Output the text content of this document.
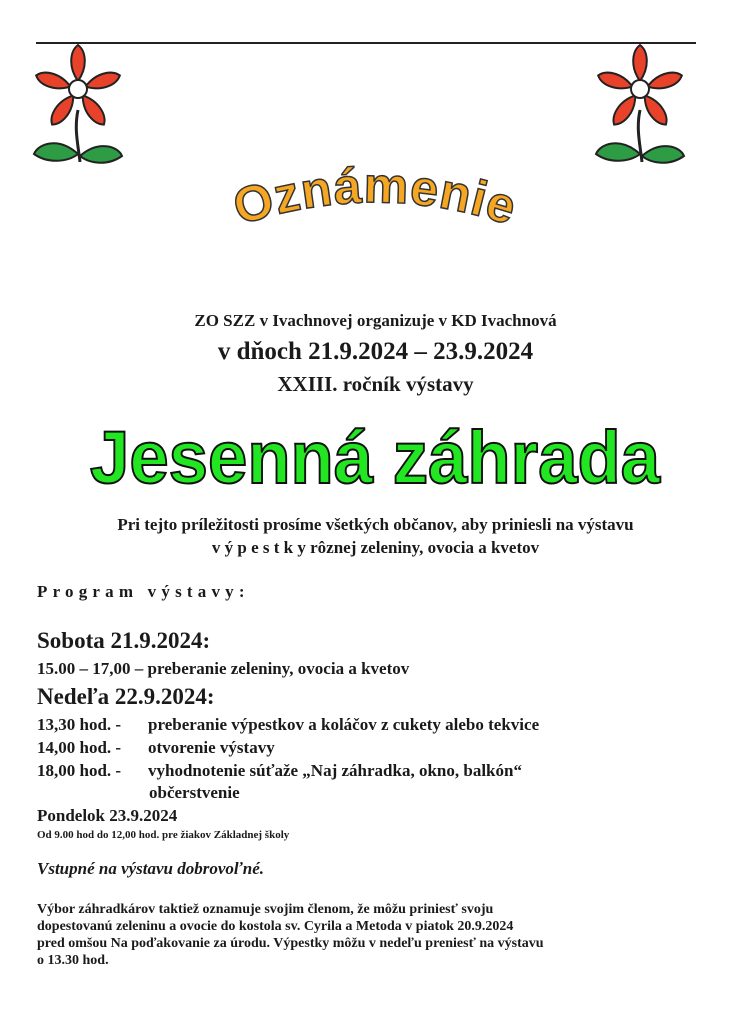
Oznámenie
ZO SZZ v Ivachnovej organizuje v KD Ivachnová
v dňoch 21.9.2024 – 23.9.2024
XXIII. ročník výstavy
Jesenná záhrada
Pri tejto príležitosti prosíme všetkých občanov, aby priniesli na výstavu
v ý p e s t k y rôznej zeleniny, ovocia a kvetov
Program výstavy:
Sobota 21.9.2024:
15.00 – 17,00 – preberanie zeleniny, ovocia a kvetov
Nedeľa 22.9.2024:
13,30 hod. - preberanie výpestkov a koláčov z cukety alebo tekvice
14,00 hod. - otvorenie výstavy
18,00 hod. - vyhodnotenie súťaže „Naj záhradka, okno, balkón“
občerstvenie
Pondelok 23.9.2024
Od 9.00 hod do 12,00 hod. pre žiakov Základnej školy
Vstupné na výstavu dobrovoľné.
Výbor záhradkárov taktiež oznamuje svojim členom, že môžu priniesť svoju
dopestovanú zeleninu a ovocie do kostola sv. Cyrila a Metoda v piatok 20.9.2024
pred omšou Na poďakovanie za úrodu. Výpestky môžu v nedeľu preniesť na výstavu
o 13.30 hod.
